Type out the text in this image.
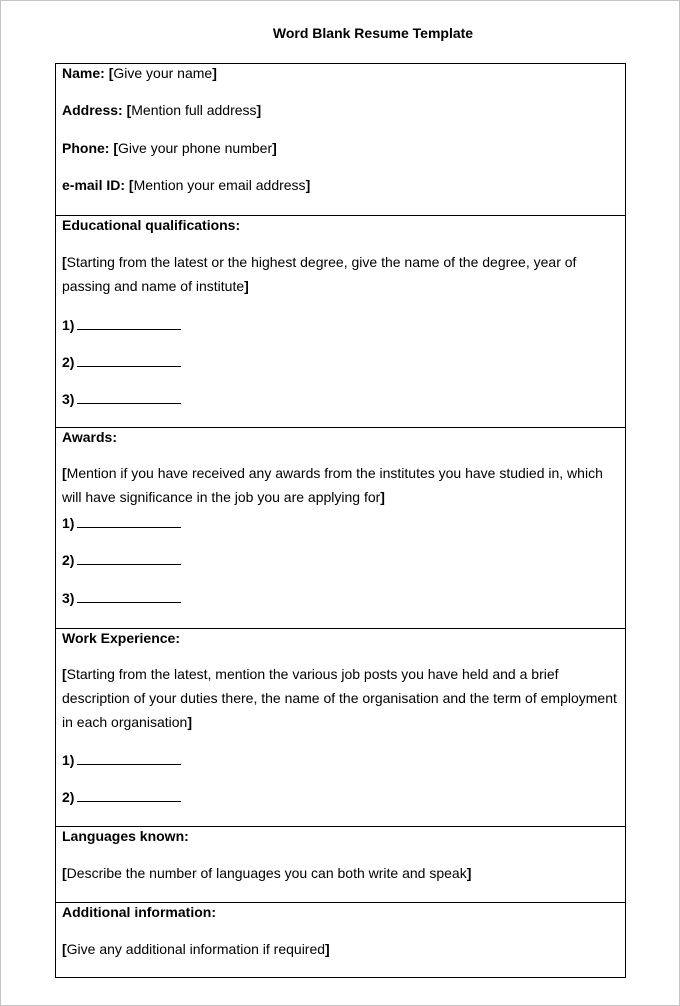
Word Blank Resume Template
Name: [Give your name]
Address: [Mention full address]
Phone: [Give your phone number]
e-mail ID: [Mention your email address]
Educational qualifications:
[Starting from the latest or the highest degree, give the name of the degree, year of
passing and name of institute]
1)
2)
3)
Awards:
[Mention if you have received any awards from the institutes you have studied in, which
will have significance in the job you are applying for]
1)
2)
3)
Work Experience:
[Starting from the latest, mention the various job posts you have held and a brief
description of your duties there, the name of the organisation and the term of employment
in each organisation]
1)
2)
Languages known:
[Describe the number of languages you can both write and speak]
Additional information:
[Give any additional information if required]
